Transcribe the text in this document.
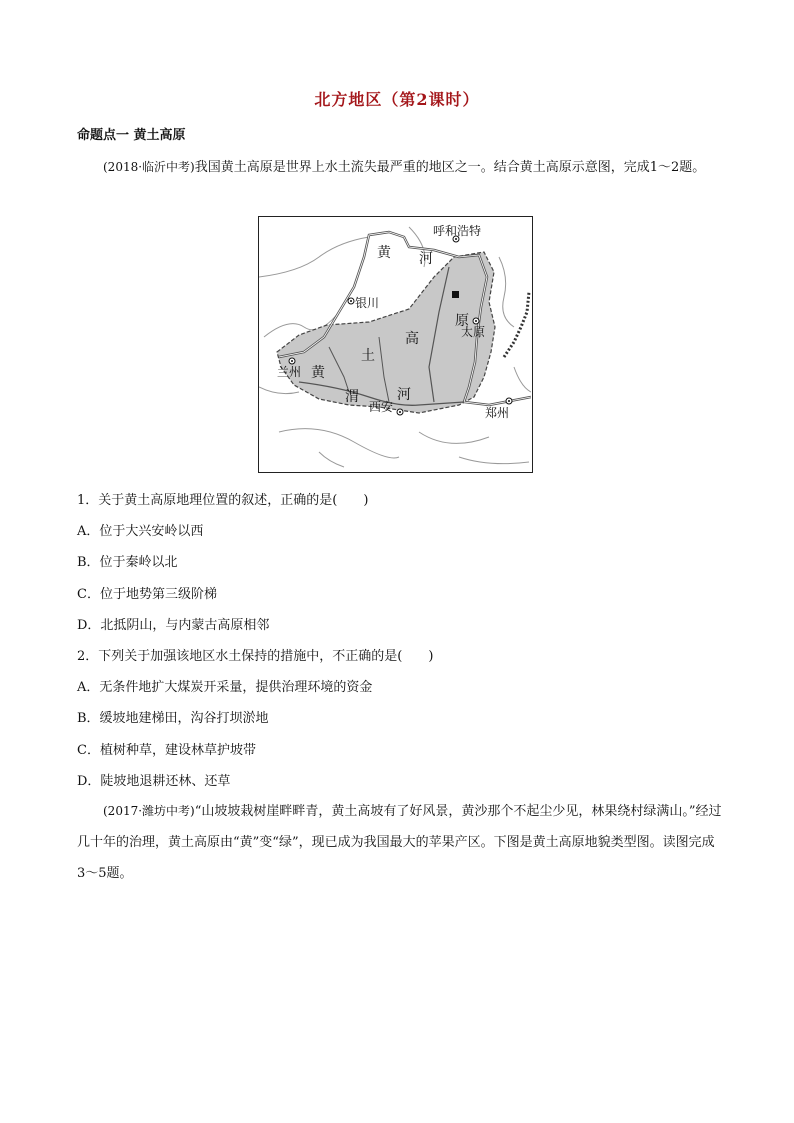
北方地区（第2课时）
命题点一 黄土高原
(2018·临沂中考)我国黄土高原是世界上水土流失最严重的地区之一。结合黄土高原示意图，完成1～2题。
呼和浩特
银川
太原
兰州
西安	郑州
黄 河
黄
土
高
原
渭	河
1．关于黄土高原地理位置的叙述，正确的是(　　)
A．位于大兴安岭以西
B．位于秦岭以北
C．位于地势第三级阶梯
D．北抵阴山，与内蒙古高原相邻
2．下列关于加强该地区水土保持的措施中，不正确的是(　　)
A．无条件地扩大煤炭开采量，提供治理环境的资金
B．缓坡地建梯田，沟谷打坝淤地
C．植树种草，建设林草护坡带
D．陡坡地退耕还林、还草
(2017·潍坊中考)“山坡坡栽树崖畔畔青，黄土高坡有了好风景，黄沙那个不起尘少见，林果绕村绿满山。”经过几十年的治理，黄土高原由“黄”变“绿”，现已成为我国最大的苹果产区。下图是黄土高原地貌类型图。读图完成3～5题。
